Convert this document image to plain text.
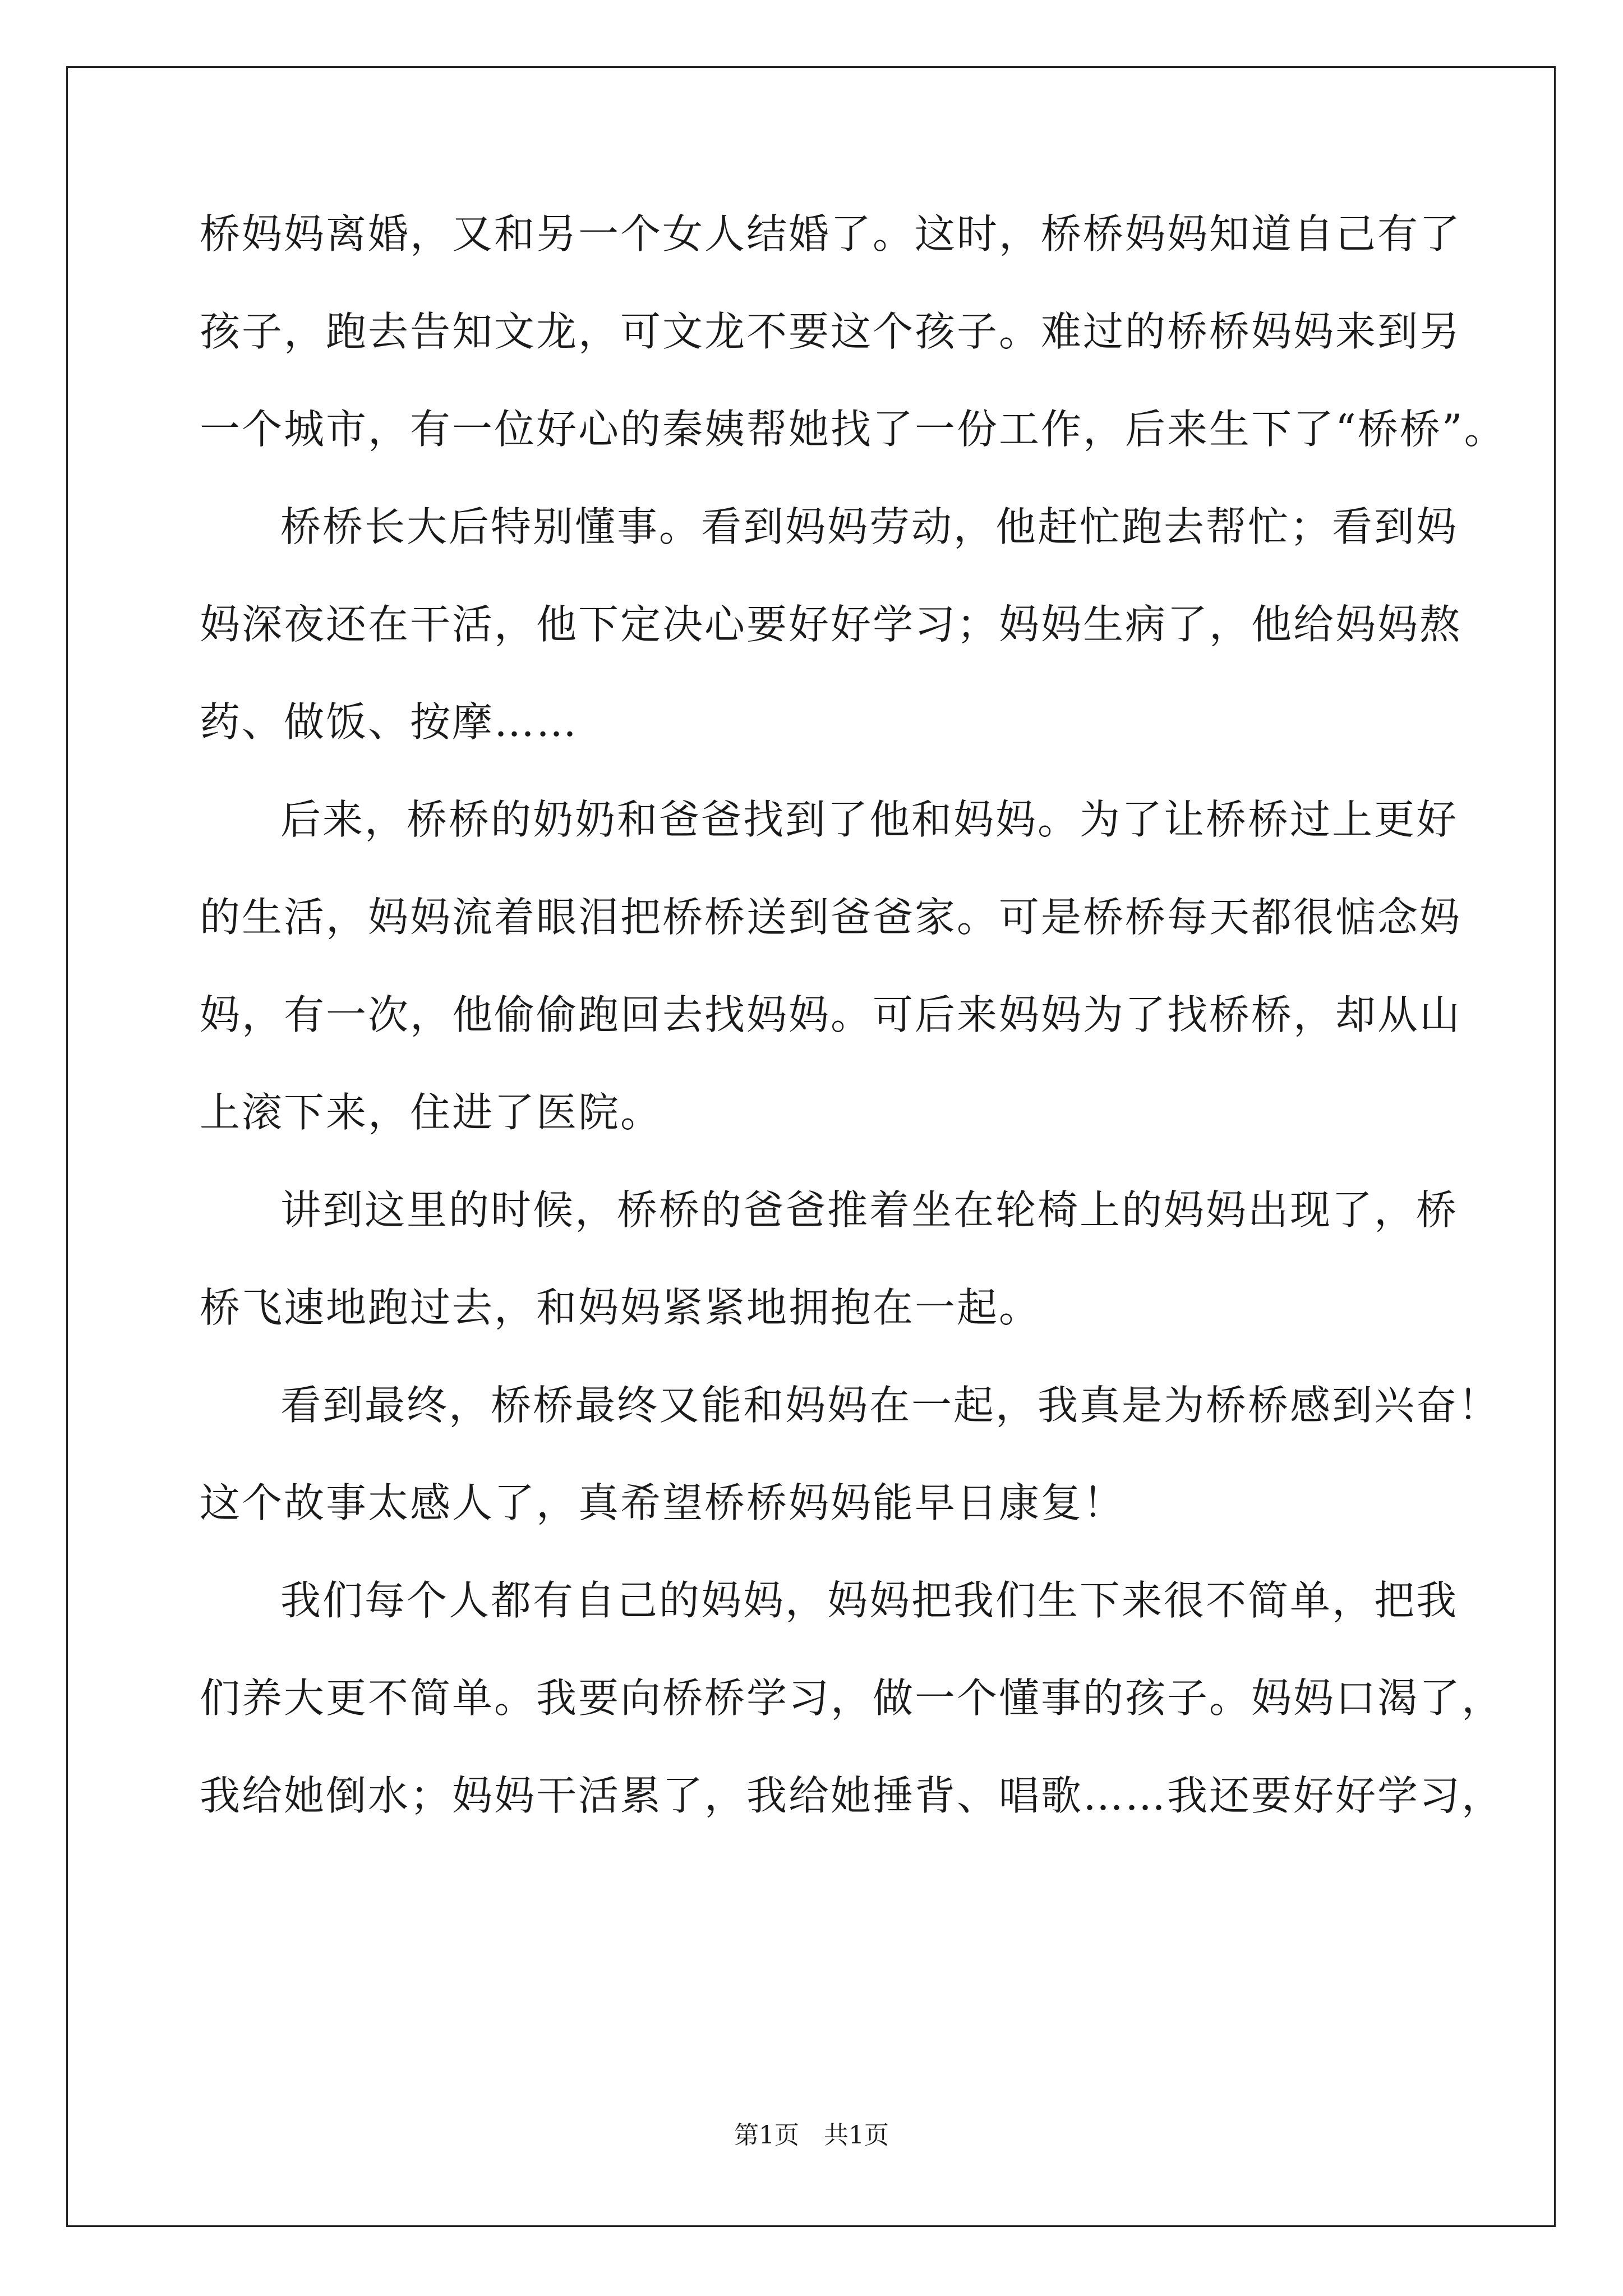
桥妈妈离婚，又和另一个女人结婚了。这时，桥桥妈妈知道自己有了
孩子，跑去告知文龙，可文龙不要这个孩子。难过的桥桥妈妈来到另
一个城市，有一位好心的秦姨帮她找了一份工作，后来生下了“桥桥”。
桥桥长大后特别懂事。看到妈妈劳动，他赶忙跑去帮忙；看到妈
妈深夜还在干活，他下定决心要好好学习；妈妈生病了，他给妈妈熬
药、做饭、按摩……
后来，桥桥的奶奶和爸爸找到了他和妈妈。为了让桥桥过上更好
的生活，妈妈流着眼泪把桥桥送到爸爸家。可是桥桥每天都很惦念妈
妈，有一次，他偷偷跑回去找妈妈。可后来妈妈为了找桥桥，却从山
上滚下来，住进了医院。
讲到这里的时候，桥桥的爸爸推着坐在轮椅上的妈妈出现了，桥
桥飞速地跑过去，和妈妈紧紧地拥抱在一起。
看到最终，桥桥最终又能和妈妈在一起，我真是为桥桥感到兴奋！
这个故事太感人了，真希望桥桥妈妈能早日康复！
我们每个人都有自己的妈妈，妈妈把我们生下来很不简单，把我
们养大更不简单。我要向桥桥学习，做一个懂事的孩子。妈妈口渴了，
我给她倒水；妈妈干活累了，我给她捶背、唱歌……我还要好好学习，
第1页　共1页
